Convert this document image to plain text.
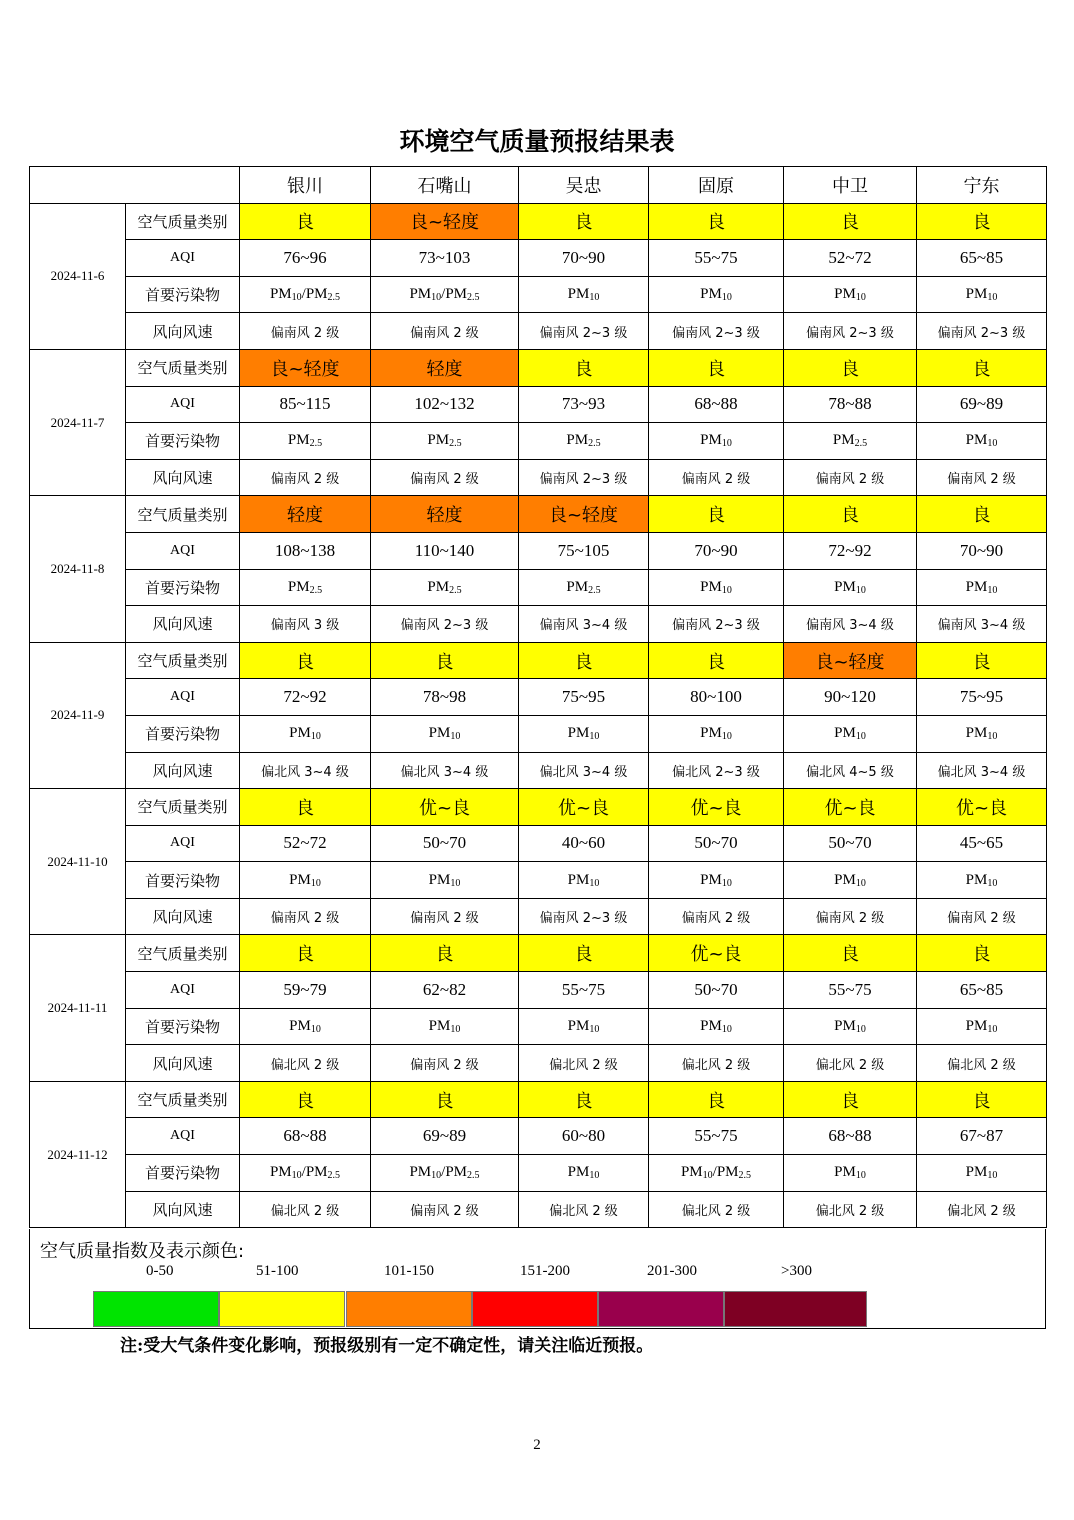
环境空气质量预报结果表
		银川	石嘴山	吴忠	固原	中卫	宁东
2024-11-6	空气质量类别	良	良~轻度	良	良	良	良
	AQI	76~96	73~103	70~90	55~75	52~72	65~85
	首要污染物	$PM_{10}/PM_{2.5}$	$PM_{10}/PM_{2.5}$	$PM_{10}$	$PM_{10}$	$PM_{10}$	$PM_{10}$
	风向风速	偏南风 2 级	偏南风 2 级	偏南风 2~3 级	偏南风 2~3 级	偏南风 2~3 级	偏南风 2~3 级
2024-11-7	空气质量类别	良~轻度	轻度	良	良	良	良
	AQI	85~115	102~132	73~93	68~88	78~88	69~89
	首要污染物	$PM_{2.5}$	$PM_{2.5}$	$PM_{2.5}$	$PM_{10}$	$PM_{2.5}$	$PM_{10}$
	风向风速	偏南风 2 级	偏南风 2 级	偏南风 2~3 级	偏南风 2 级	偏南风 2 级	偏南风 2 级
2024-11-8	空气质量类别	轻度	轻度	良~轻度	良	良	良
	AQI	108~138	110~140	75~105	70~90	72~92	70~90
	首要污染物	$PM_{2.5}$	$PM_{2.5}$	$PM_{2.5}$	$PM_{10}$	$PM_{10}$	$PM_{10}$
	风向风速	偏南风 3 级	偏南风 2~3 级	偏南风 3~4 级	偏南风 2~3 级	偏南风 3~4 级	偏南风 3~4 级
2024-11-9	空气质量类别	良	良	良	良	良~轻度	良
	AQI	72~92	78~98	75~95	80~100	90~120	75~95
	首要污染物	$PM_{10}$	$PM_{10}$	$PM_{10}$	$PM_{10}$	$PM_{10}$	$PM_{10}$
	风向风速	偏北风 3~4 级	偏北风 3~4 级	偏北风 3~4 级	偏北风 2~3 级	偏北风 4~5 级	偏北风 3~4 级
2024-11-10	空气质量类别	良	优~良	优~良	优~良	优~良	优~良
	AQI	52~72	50~70	40~60	50~70	50~70	45~65
	首要污染物	$PM_{10}$	$PM_{10}$	$PM_{10}$	$PM_{10}$	$PM_{10}$	$PM_{10}$
	风向风速	偏南风 2 级	偏南风 2 级	偏南风 2~3 级	偏南风 2 级	偏南风 2 级	偏南风 2 级
2024-11-11	空气质量类别	良	良	良	优~良	良	良
	AQI	59~79	62~82	55~75	50~70	55~75	65~85
	首要污染物	$PM_{10}$	$PM_{10}$	$PM_{10}$	$PM_{10}$	$PM_{10}$	$PM_{10}$
	风向风速	偏北风 2 级	偏南风 2 级	偏北风 2 级	偏北风 2 级	偏北风 2 级	偏北风 2 级
2024-11-12	空气质量类别	良	良	良	良	良	良
	AQI	68~88	69~89	60~80	55~75	68~88	67~87
	首要污染物	$PM_{10}/PM_{2.5}$	$PM_{10}/PM_{2.5}$	$PM_{10}$	$PM_{10}/PM_{2.5}$	$PM_{10}$	$PM_{10}$
	风向风速	偏北风 2 级	偏南风 2 级	偏北风 2 级	偏北风 2 级	偏北风 2 级	偏北风 2 级
空气质量指数及表示颜色:
0-50	51-100	101-150	151-200	201-300	>300
注:受大气条件变化影响，预报级别有一定不确定性，请关注临近预报。
2
